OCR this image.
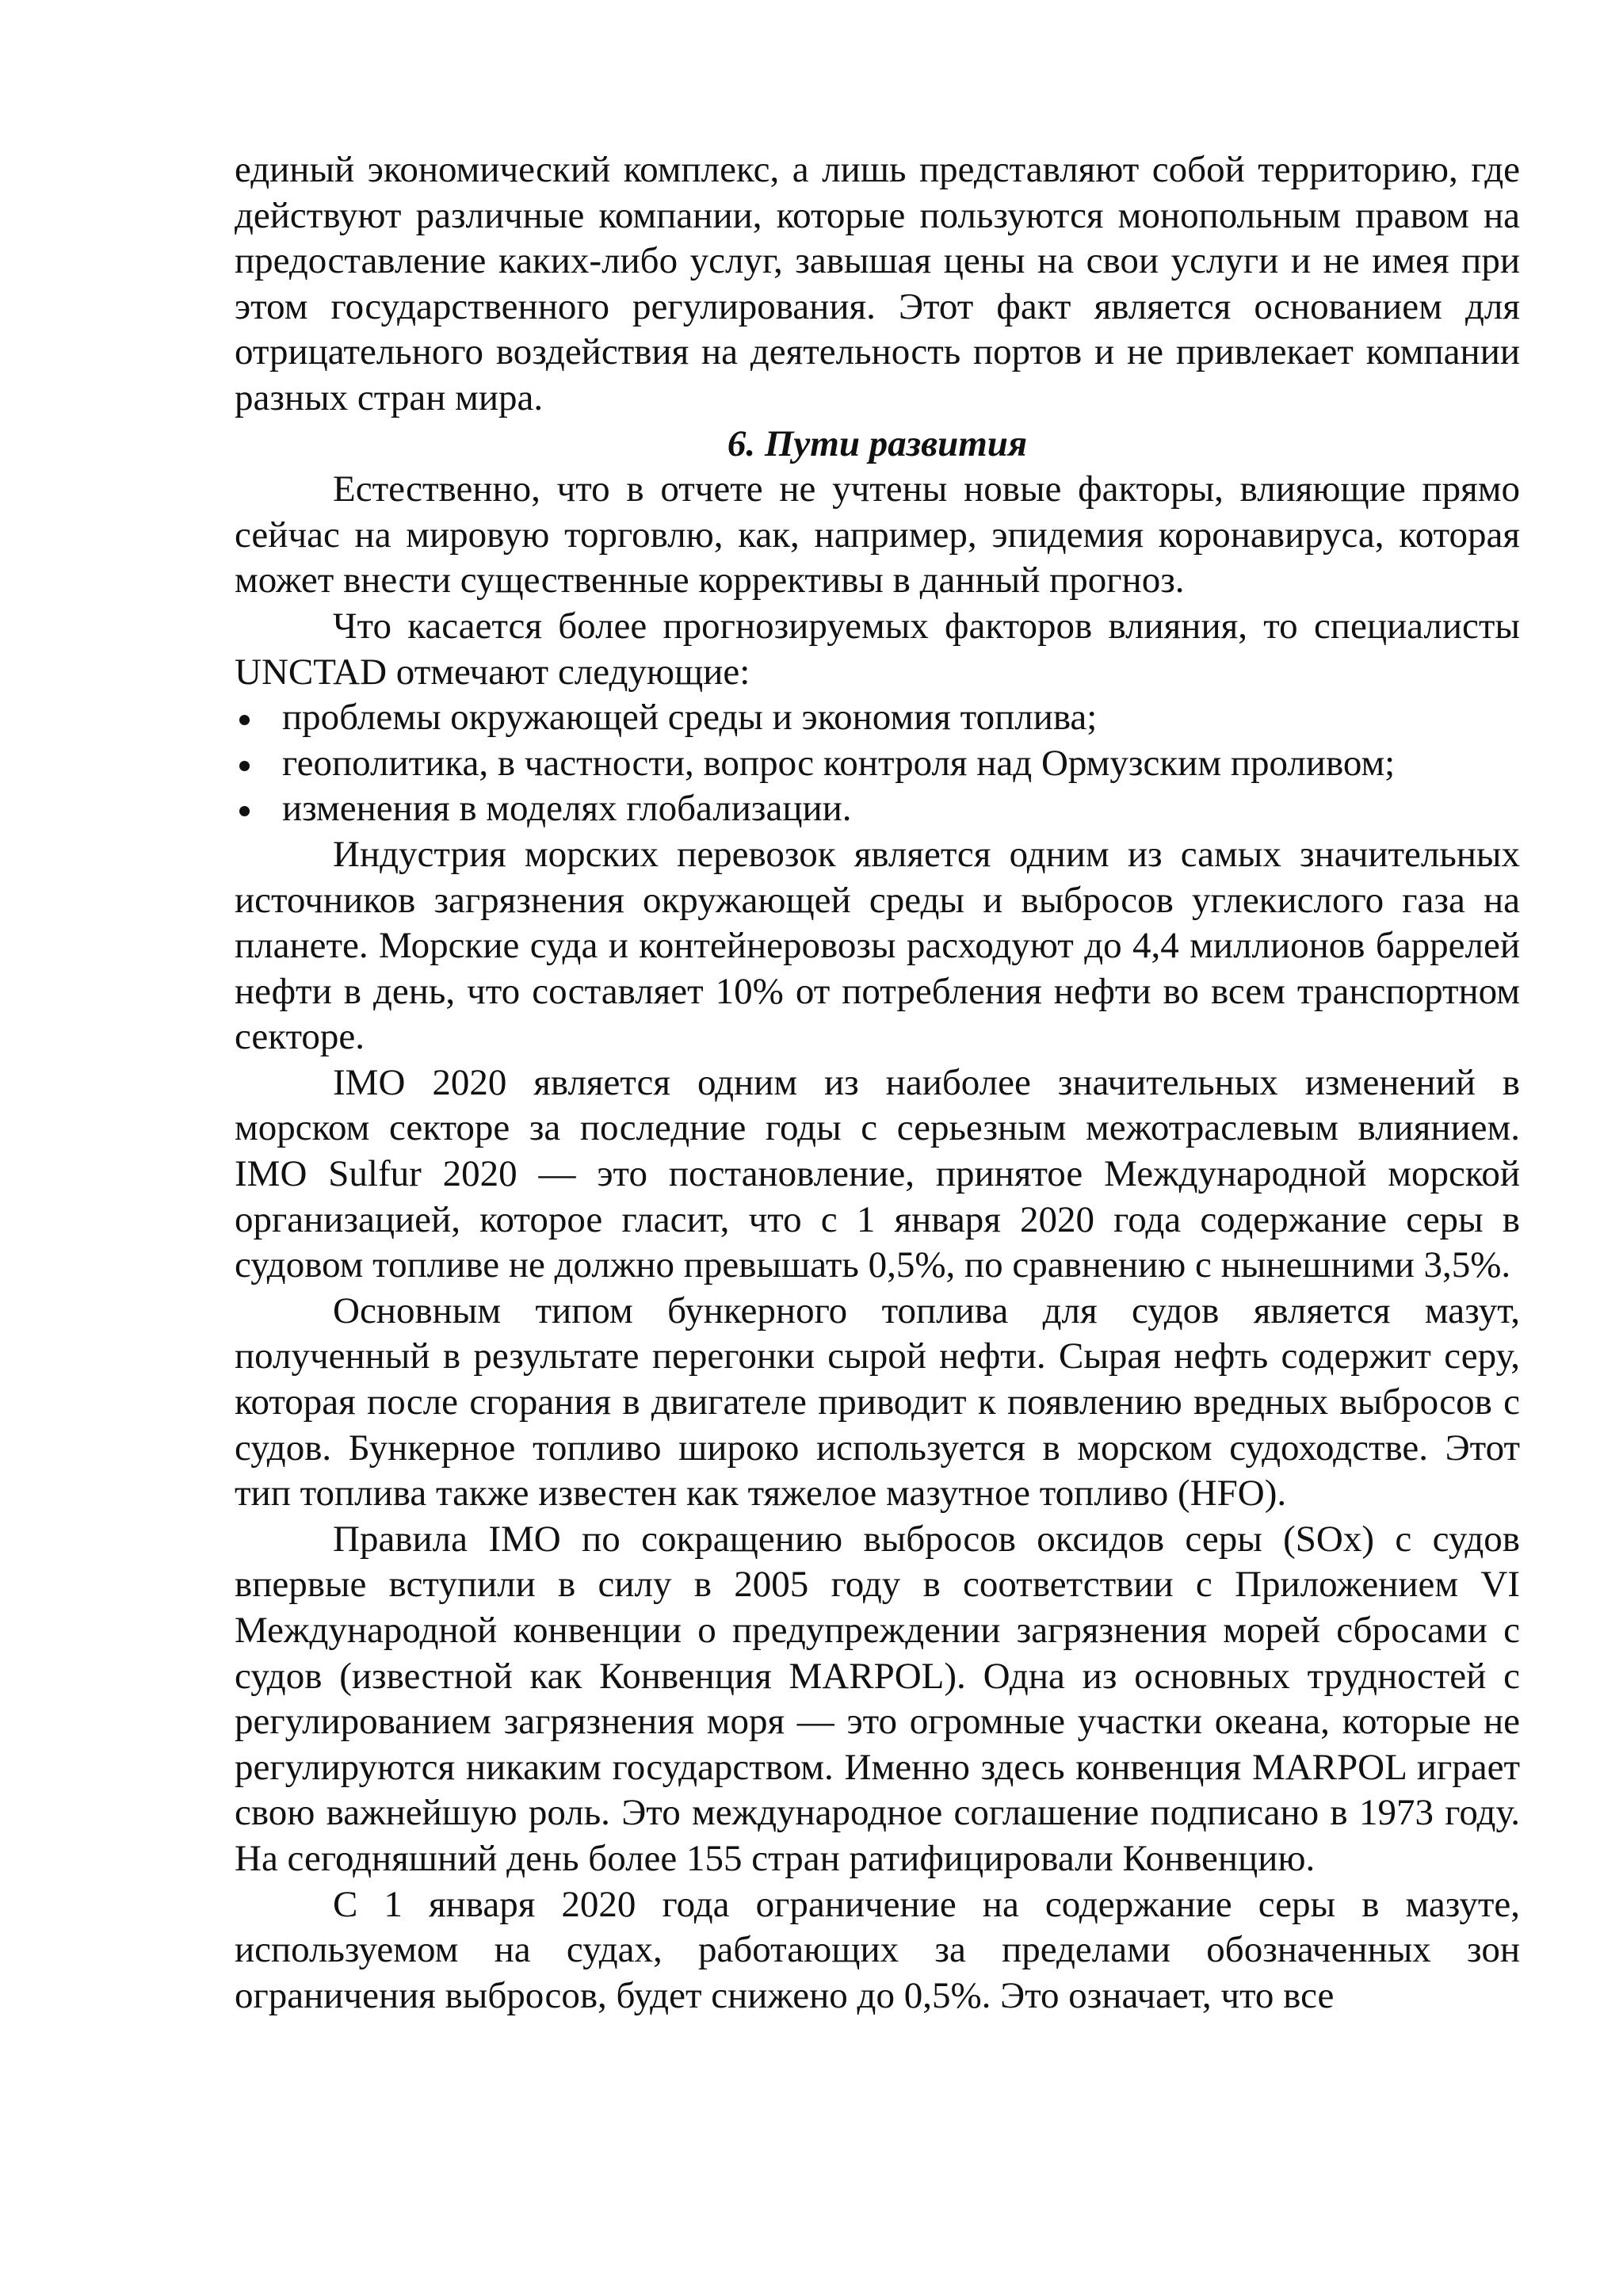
единый экономический комплекс, а лишь представляют собой территорию, где действуют различные компании, которые пользуются монопольным правом на предоставление каких-либо услуг, завышая цены на свои услуги и не имея при этом государственного регулирования. Этот факт является основанием для отрицательного воздействия на деятельность портов и не привлекает компании разных стран мира.

6. Пути развития

Естественно, что в отчете не учтены новые факторы, влияющие прямо сейчас на мировую торговлю, как, например, эпидемия коронавируса, которая может внести существенные коррективы в данный прогноз.

Что касается более прогнозируемых факторов влияния, то специалисты UNCTAD отмечают следующие:

проблемы окружающей среды и экономия топлива;
геополитика, в частности, вопрос контроля над Ормузским проливом;
изменения в моделях глобализации.

Индустрия морских перевозок является одним из самых значительных источников загрязнения окружающей среды и выбросов углекислого газа на планете. Морские суда и контейнеровозы расходуют до 4,4 миллионов баррелей нефти в день, что составляет 10% от потребления нефти во всем транспортном секторе.

IMO 2020 является одним из наиболее значительных изменений в морском секторе за последние годы с серьезным межотраслевым влиянием. IMO Sulfur 2020 — это постановление, принятое Международной морской организацией, которое гласит, что с 1 января 2020 года содержание серы в судовом топливе не должно превышать 0,5%, по сравнению с нынешними 3,5%.

Основным типом бункерного топлива для судов является мазут, полученный в результате перегонки сырой нефти. Сырая нефть содержит серу, которая после сгорания в двигателе приводит к появлению вредных выбросов с судов. Бункерное топливо широко используется в морском судоходстве. Этот тип топлива также известен как тяжелое мазутное топливо (HFO).

Правила IMO по сокращению выбросов оксидов серы (SOx) с судов впервые вступили в силу в 2005 году в соответствии с Приложением VI Международной конвенции о предупреждении загрязнения морей сбросами с судов (известной как Конвенция MARPOL). Одна из основных трудностей с регулированием загрязнения моря — это огромные участки океана, которые не регулируются никаким государством. Именно здесь конвенция MARPOL играет свою важнейшую роль. Это международное соглашение подписано в 1973 году. На сегодняшний день более 155 стран ратифицировали Конвенцию.

С 1 января 2020 года ограничение на содержание серы в мазуте, используемом на судах, работающих за пределами обозначенных зон ограничения выбросов, будет снижено до 0,5%. Это означает, что все
